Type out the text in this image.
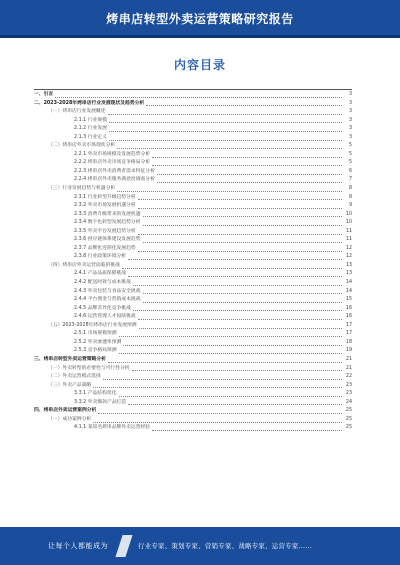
烤串店转型外卖运营策略研究报告
内容目录
一、引言	3
二、2023-2028年烤串店行业发展现状及趋势分析	3
（一）烤串店行业发展概述	3
2.1.1 行业规模	3
2.1.2 行业发展	3
2.1.3 行业定义	3
（二）烤串店外卖市场现状分析	5
2.2.1 外卖市场规模及发展趋势分析	5
2.2.2 烤串店外卖市场竞争格局分析	5
2.2.3 烤串店外卖消费者需求特征分析	6
2.2.4 烤串店外卖服务满意度调查分析	7
（三）行业发展趋势与机遇分析	8
2.3.1 行业转型升级趋势分析	8
2.3.2 外卖市场发展机遇分析	9
2.3.3 消费升级带来的发展机遇	10
2.3.4 数字化转型发展趋势分析	10
2.3.5 外卖平台发展趋势分析	11
2.3.6 供应链体系建设发展趋势	11
2.3.7 品牌化连锁化发展趋势	12
2.3.8 行业政策环境分析	12
（四）烤串店外卖运营面临的挑战	13
2.4.1 产品品质保障挑战	13
2.4.2 配送时效与成本挑战	14
2.4.3 外卖包装与食品安全挑战	14
2.4.4 平台佣金与营销成本挑战	15
2.4.5 品牌差异化竞争挑战	16
2.4.6 运营管理人才短缺挑战	16
（五）2023-2028年烤串店行业发展预测	17
2.5.1 市场规模预测	17
2.5.2 外卖渗透率预测	18
2.5.3 竞争格局预测	19
三、烤串店转型外卖运营策略分析	21
（一）外卖转型的必要性与可行性分析	21
（二）外卖运营模式选择	22
（三）外卖产品策略	23
3.3.1 产品结构优化	23
3.3.2 外卖爆款产品打造	24
四、烤串店外卖运营案例分析	25
（一）成功案例分析	25
4.1.1 某知名烤串品牌外卖运营经验	25
让每个人都能成为	行业专家、策划专家、营销专家、战略专家、运营专家……
